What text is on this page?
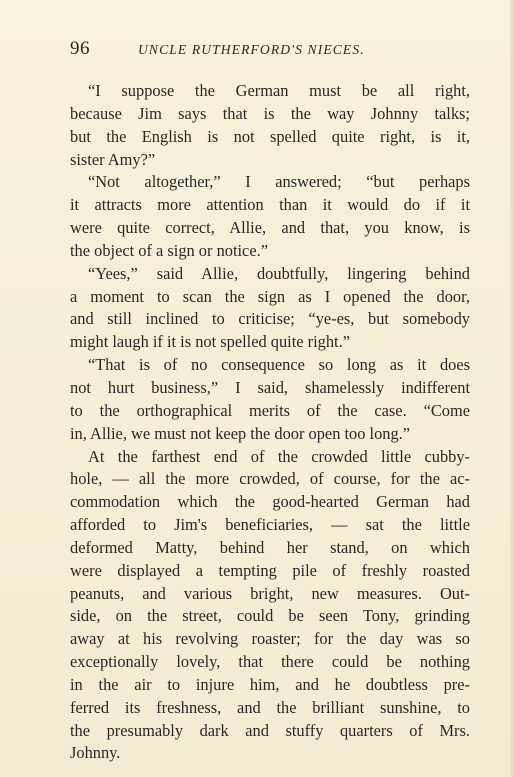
96	UNCLE RUTHERFORD'S NIECES.
“I suppose the German must be all right,
because Jim says that is the way Johnny talks;
but the English is not spelled quite right, is it,
sister Amy?”
“Not altogether,” I answered; “but perhaps
it attracts more attention than it would do if it
were quite correct, Allie, and that, you know, is
the object of a sign or notice.”
“Yees,” said Allie, doubtfully, lingering behind
a moment to scan the sign as I opened the door,
and still inclined to criticise; “ye-es, but somebody
might laugh if it is not spelled quite right.”
“That is of no consequence so long as it does
not hurt business,” I said, shamelessly indifferent
to the orthographical merits of the case. “Come
in, Allie, we must not keep the door open too long.”
At the farthest end of the crowded little cubby-
hole, — all the more crowded, of course, for the ac-
commodation which the good-hearted German had
afforded to Jim's beneficiaries, — sat the little
deformed Matty, behind her stand, on which
were displayed a tempting pile of freshly roasted
peanuts, and various bright, new measures. Out-
side, on the street, could be seen Tony, grinding
away at his revolving roaster; for the day was so
exceptionally lovely, that there could be nothing
in the air to injure him, and he doubtless pre-
ferred its freshness, and the brilliant sunshine, to
the presumably dark and stuffy quarters of Mrs.
Johnny.
